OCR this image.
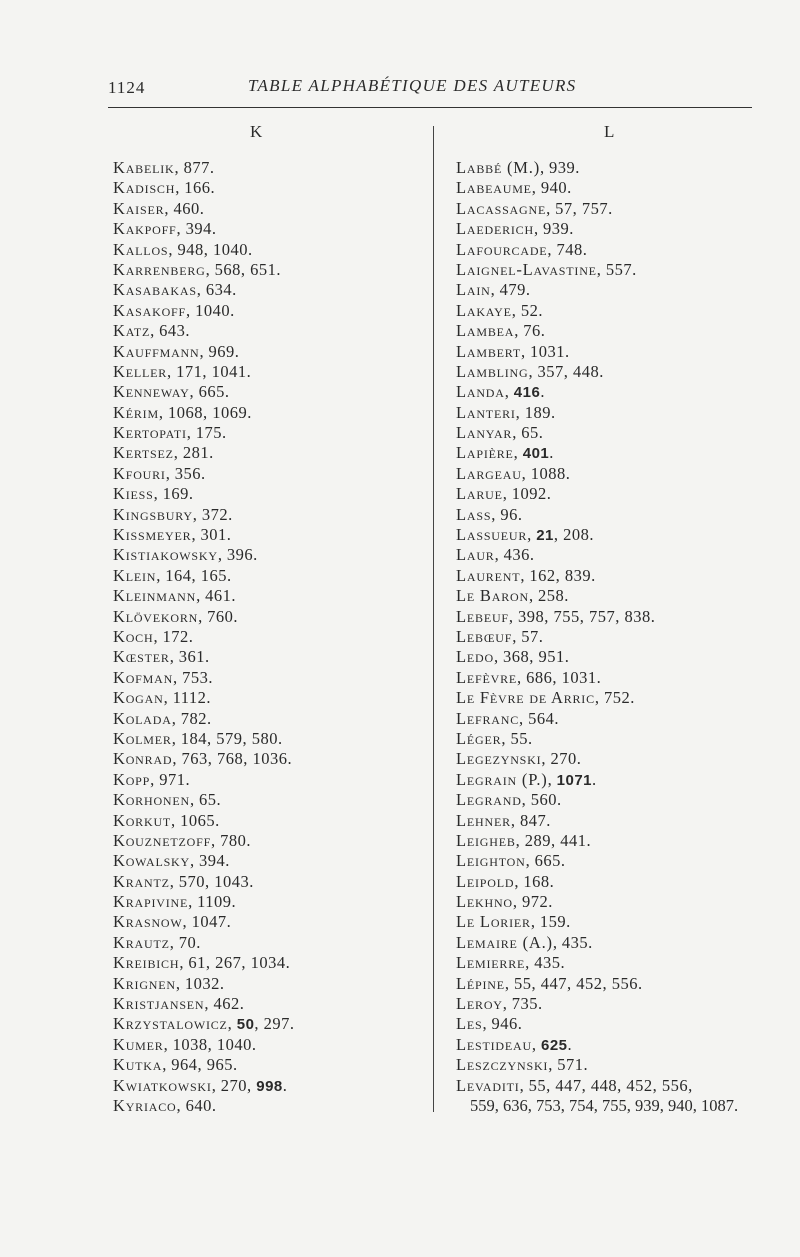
1124	TABLE ALPHABÉTIQUE DES AUTEURS
K	L
Kabelik, 877.
Kadisch, 166.
Kaiser, 460.
Kakpoff, 394.
Kallos, 948, 1040.
Karrenberg, 568, 651.
Kasabakas, 634.
Kasakoff, 1040.
Katz, 643.
Kauffmann, 969.
Keller, 171, 1041.
Kenneway, 665.
Kérim, 1068, 1069.
Kertopati, 175.
Kertsez, 281.
Kfouri, 356.
Kiess, 169.
Kingsbury, 372.
Kissmeyer, 301.
Kistiakowsky, 396.
Klein, 164, 165.
Kleinmann, 461.
Klövekorn, 760.
Koch, 172.
Kœster, 361.
Kofman, 753.
Kogan, 1112.
Kolada, 782.
Kolmer, 184, 579, 580.
Konrad, 763, 768, 1036.
Kopp, 971.
Korhonen, 65.
Korkut, 1065.
Kouznetzoff, 780.
Kowalsky, 394.
Krantz, 570, 1043.
Krapivine, 1109.
Krasnow, 1047.
Krautz, 70.
Kreibich, 61, 267, 1034.
Krignen, 1032.
Kristjansen, 462.
Krzystalowicz, 50, 297.
Kumer, 1038, 1040.
Kutka, 964, 965.
Kwiatkowski, 270, 998.
Kyriaco, 640.
Labbé (M.), 939.
Labeaume, 940.
Lacassagne, 57, 757.
Laederich, 939.
Lafourcade, 748.
Laignel-Lavastine, 557.
Lain, 479.
Lakaye, 52.
Lambea, 76.
Lambert, 1031.
Lambling, 357, 448.
Landa, 416.
Lanteri, 189.
Lanyar, 65.
Lapière, 401.
Largeau, 1088.
Larue, 1092.
Lass, 96.
Lassueur, 21, 208.
Laur, 436.
Laurent, 162, 839.
Le Baron, 258.
Lebeuf, 398, 755, 757, 838.
Lebœuf, 57.
Ledo, 368, 951.
Lefèvre, 686, 1031.
Le Fèvre de Arric, 752.
Lefranc, 564.
Léger, 55.
Legezynski, 270.
Legrain (P.), 1071.
Legrand, 560.
Lehner, 847.
Leigheb, 289, 441.
Leighton, 665.
Leipold, 168.
Lekhno, 972.
Le Lorier, 159.
Lemaire (A.), 435.
Lemierre, 435.
Lépine, 55, 447, 452, 556.
Leroy, 735.
Les, 946.
Lestideau, 625.
Leszczynski, 571.
Levaditi, 55, 447, 448, 452, 556,
559, 636, 753, 754, 755, 939, 940, 1087.
